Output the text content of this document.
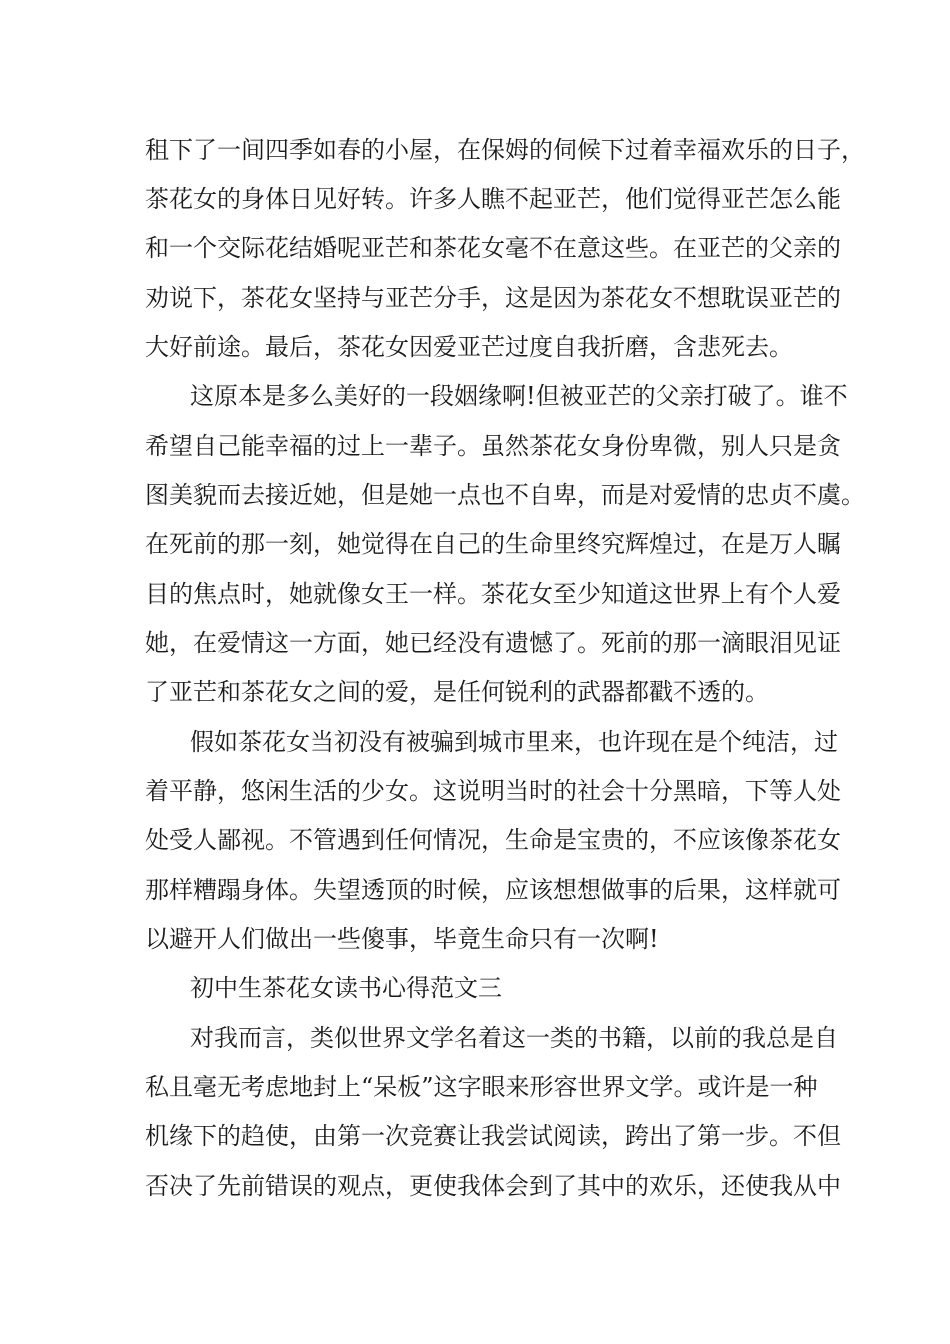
租下了一间四季如春的小屋，在保姆的伺候下过着幸福欢乐的日子，

茶花女的身体日见好转。许多人瞧不起亚芒，他们觉得亚芒怎么能

和一个交际花结婚呢亚芒和茶花女毫不在意这些。在亚芒的父亲的

劝说下，茶花女坚持与亚芒分手，这是因为茶花女不想耽误亚芒的

大好前途。最后，茶花女因爱亚芒过度自我折磨，含悲死去。

这原本是多么美好的一段姻缘啊!但被亚芒的父亲打破了。谁不

希望自己能幸福的过上一辈子。虽然茶花女身份卑微，别人只是贪

图美貌而去接近她，但是她一点也不自卑，而是对爱情的忠贞不虞。

在死前的那一刻，她觉得在自己的生命里终究辉煌过，在是万人瞩

目的焦点时，她就像女王一样。茶花女至少知道这世界上有个人爱

她，在爱情这一方面，她已经没有遗憾了。死前的那一滴眼泪见证

了亚芒和茶花女之间的爱，是任何锐利的武器都戳不透的。

假如茶花女当初没有被骗到城市里来，也许现在是个纯洁，过

着平静，悠闲生活的少女。这说明当时的社会十分黑暗，下等人处

处受人鄙视。不管遇到任何情况，生命是宝贵的，不应该像茶花女

那样糟蹋身体。失望透顶的时候，应该想想做事的后果，这样就可

以避开人们做出一些傻事，毕竟生命只有一次啊!

初中生茶花女读书心得范文三

对我而言，类似世界文学名着这一类的书籍，以前的我总是自

私且毫无考虑地封上“呆板”这字眼来形容世界文学。或许是一种

机缘下的趋使，由第一次竞赛让我尝试阅读，跨出了第一步。不但

否决了先前错误的观点，更使我体会到了其中的欢乐，还使我从中
